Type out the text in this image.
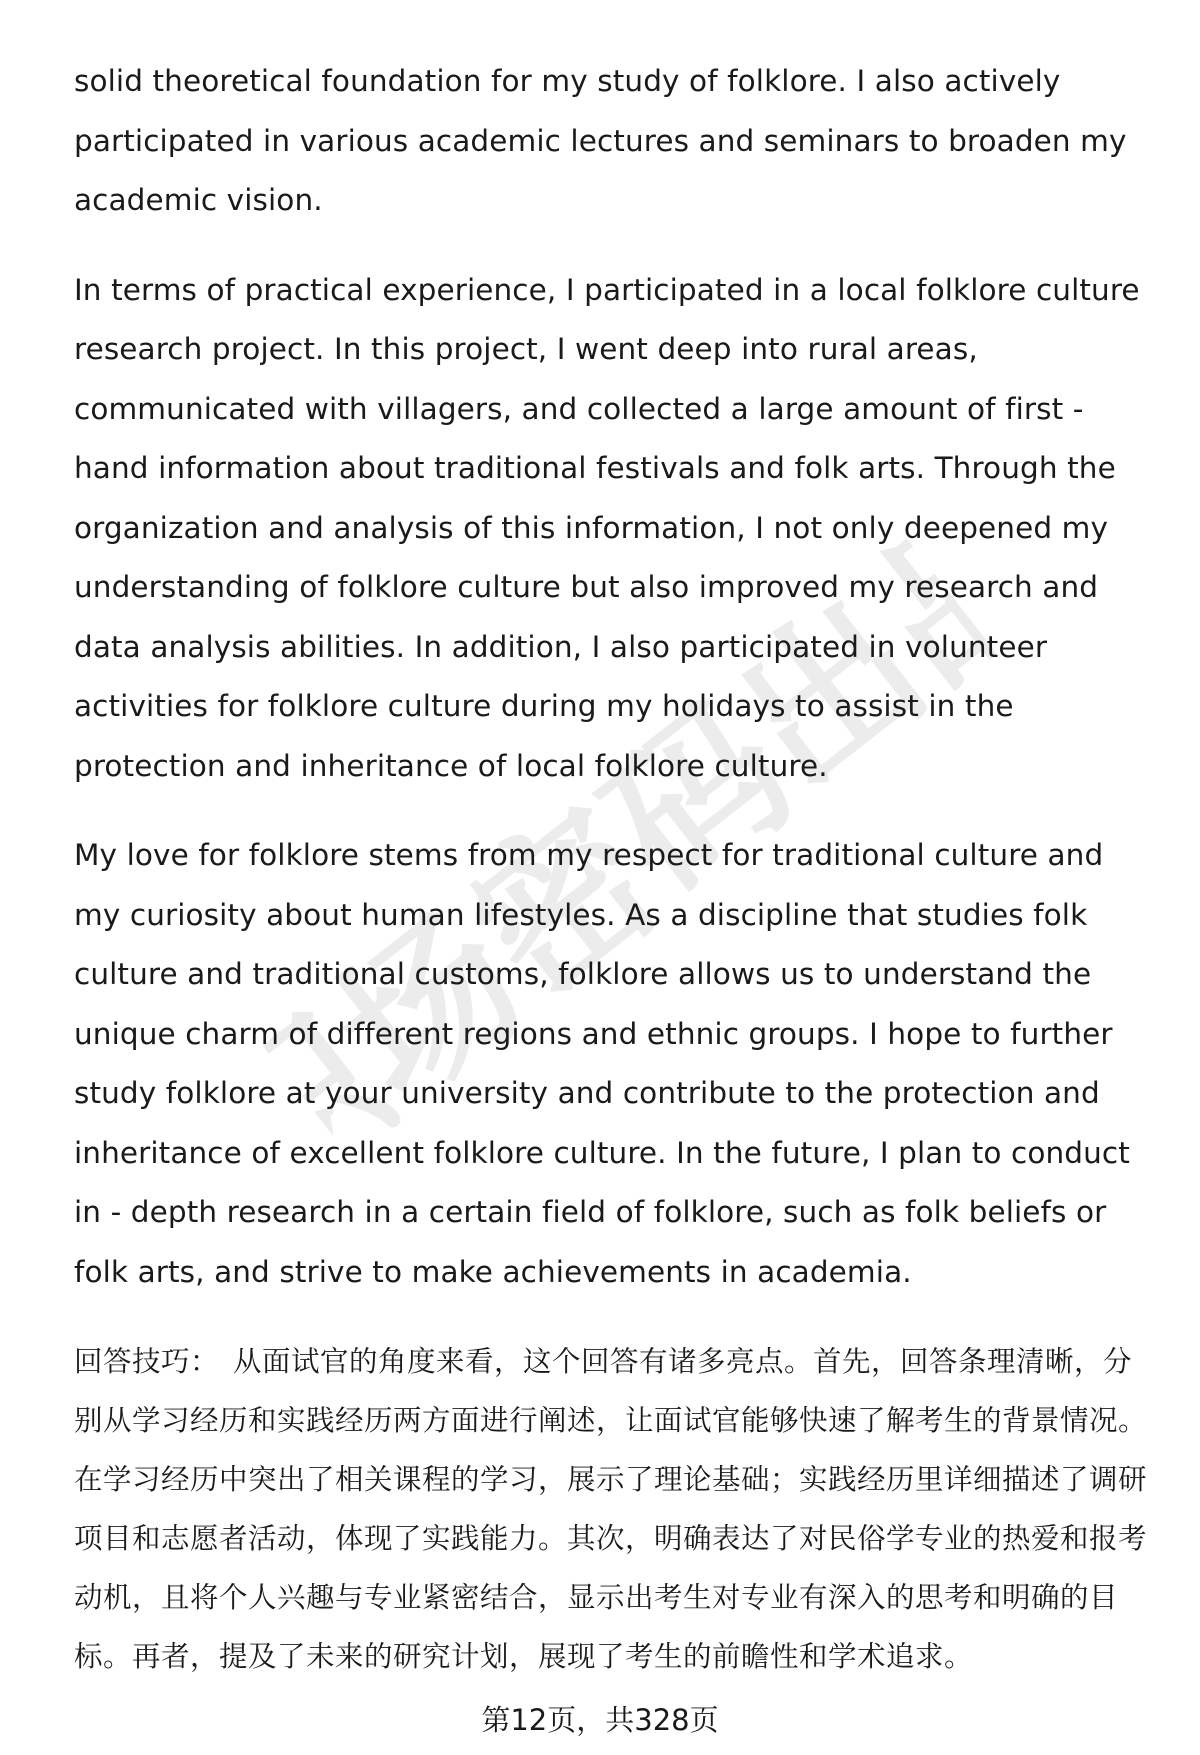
职场密码出品

solid theoretical foundation for my study of folklore. I also actively participated in various academic lectures and seminars to broaden my academic vision.

In terms of practical experience, I participated in a local folklore culture research project. In this project, I went deep into rural areas, communicated with villagers, and collected a large amount of first - hand information about traditional festivals and folk arts. Through the organization and analysis of this information, I not only deepened my understanding of folklore culture but also improved my research and data analysis abilities. In addition, I also participated in volunteer activities for folklore culture during my holidays to assist in the protection and inheritance of local folklore culture.

My love for folklore stems from my respect for traditional culture and my curiosity about human lifestyles. As a discipline that studies folk culture and traditional customs, folklore allows us to understand the unique charm of different regions and ethnic groups. I hope to further study folklore at your university and contribute to the protection and inheritance of excellent folklore culture. In the future, I plan to conduct in - depth research in a certain field of folklore, such as folk beliefs or folk arts, and strive to make achievements in academia.

回答技巧： 从面试官的角度来看，这个回答有诸多亮点。首先，回答条理清晰，分别从学习经历和实践经历两方面进行阐述，让面试官能够快速了解考生的背景情况。在学习经历中突出了相关课程的学习，展示了理论基础；实践经历里详细描述了调研项目和志愿者活动，体现了实践能力。其次，明确表达了对民俗学专业的热爱和报考动机，且将个人兴趣与专业紧密结合，显示出考生对专业有深入的思考和明确的目标。再者，提及了未来的研究计划，展现了考生的前瞻性和学术追求。

第12页，共328页
